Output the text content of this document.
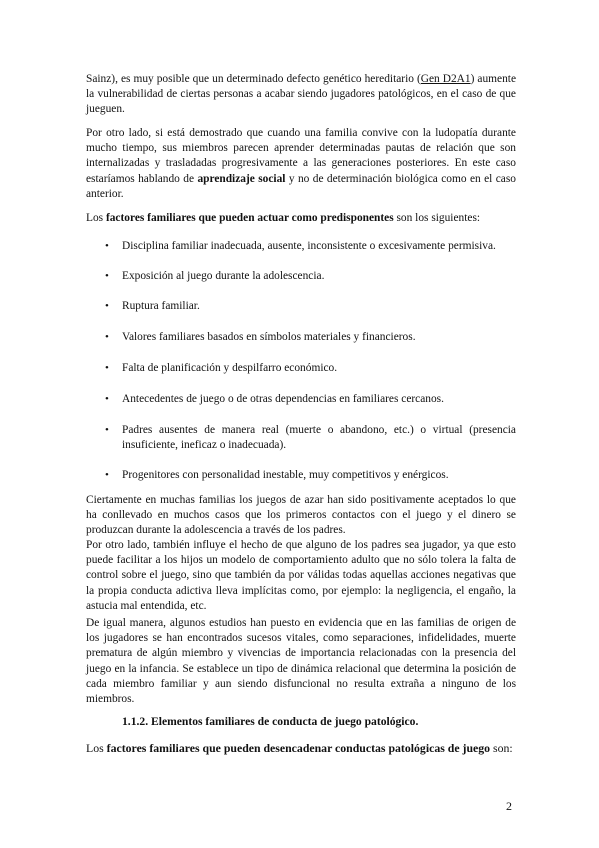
Sainz), es muy posible que un determinado defecto genético hereditario (Gen D2A1) aumente la vulnerabilidad de ciertas personas a acabar siendo jugadores patológicos, en el caso de que jueguen.

Por otro lado, si está demostrado que cuando una familia convive con la ludopatía durante mucho tiempo, sus miembros parecen aprender determinadas pautas de relación que son internalizadas y trasladadas progresivamente a las generaciones posteriores. En este caso estaríamos hablando de aprendizaje social y no de determinación biológica como en el caso anterior.

Los factores familiares que pueden actuar como predisponentes son los siguientes:

•	Disciplina familiar inadecuada, ausente, inconsistente o excesivamente permisiva.

•	Exposición al juego durante la adolescencia.

•	Ruptura familiar.

•	Valores familiares basados en símbolos materiales y financieros.

•	Falta de planificación y despilfarro económico.

•	Antecedentes de juego o de otras dependencias en familiares cercanos.

•	Padres ausentes de manera real (muerte o abandono, etc.) o virtual (presencia insuficiente, ineficaz o inadecuada).

•	Progenitores con personalidad inestable, muy competitivos y enérgicos.

Ciertamente en muchas familias los juegos de azar han sido positivamente aceptados lo que ha conllevado en muchos casos que los primeros contactos con el juego y el dinero se produzcan durante la adolescencia a través de los padres.

Por otro lado, también influye el hecho de que alguno de los padres sea jugador, ya que esto puede facilitar a los hijos un modelo de comportamiento adulto que no sólo tolera la falta de control sobre el juego, sino que también da por válidas todas aquellas acciones negativas que la propia conducta adictiva lleva implícitas como, por ejemplo: la negligencia, el engaño, la astucia mal entendida, etc.

De igual manera, algunos estudios han puesto en evidencia que en las familias de origen de los jugadores se han encontrados sucesos vitales, como separaciones, infidelidades, muerte prematura de algún miembro y vivencias de importancia relacionadas con la presencia del juego en la infancia. Se establece un tipo de dinámica relacional que determina la posición de cada miembro familiar y aun siendo disfuncional no resulta extraña a ninguno de los miembros.

1.1.2. Elementos familiares de conducta de juego patológico.

Los factores familiares que pueden desencadenar conductas patológicas de juego son:

2
